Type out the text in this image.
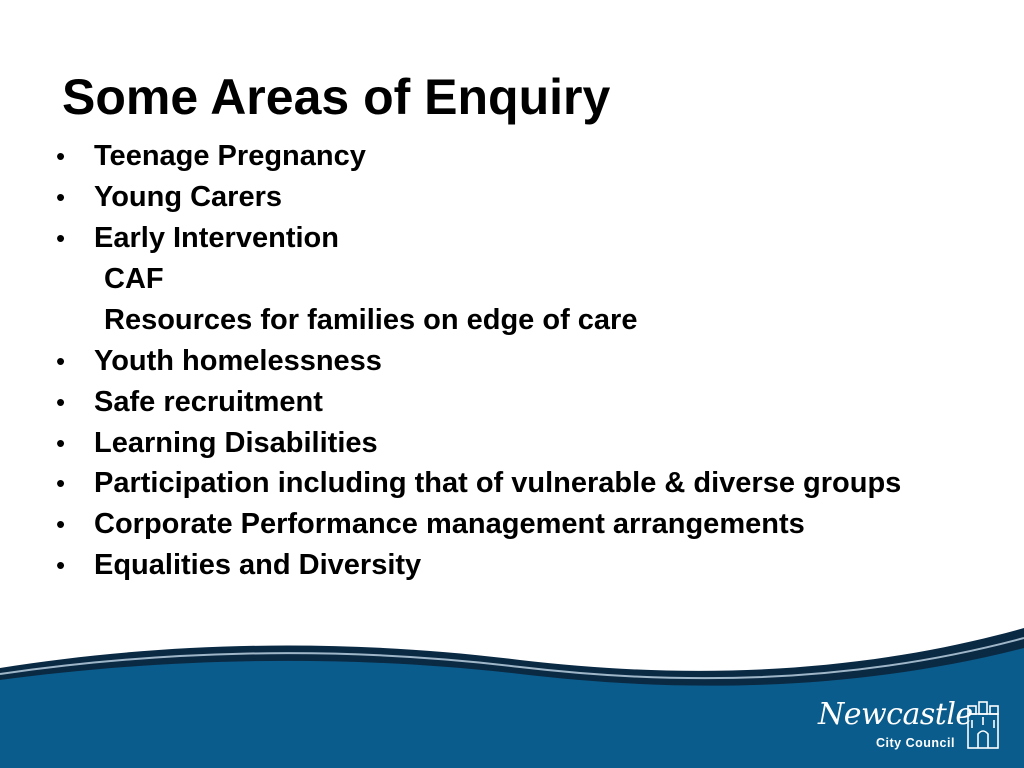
Some Areas of Enquiry
• Teenage Pregnancy
• Young Carers
• Early Intervention
CAF
Resources for families on edge of care
• Youth homelessness
• Safe recruitment
• Learning Disabilities
• Participation including that of vulnerable & diverse groups
• Corporate Performance management arrangements
• Equalities and Diversity
Newcastle
City Council
